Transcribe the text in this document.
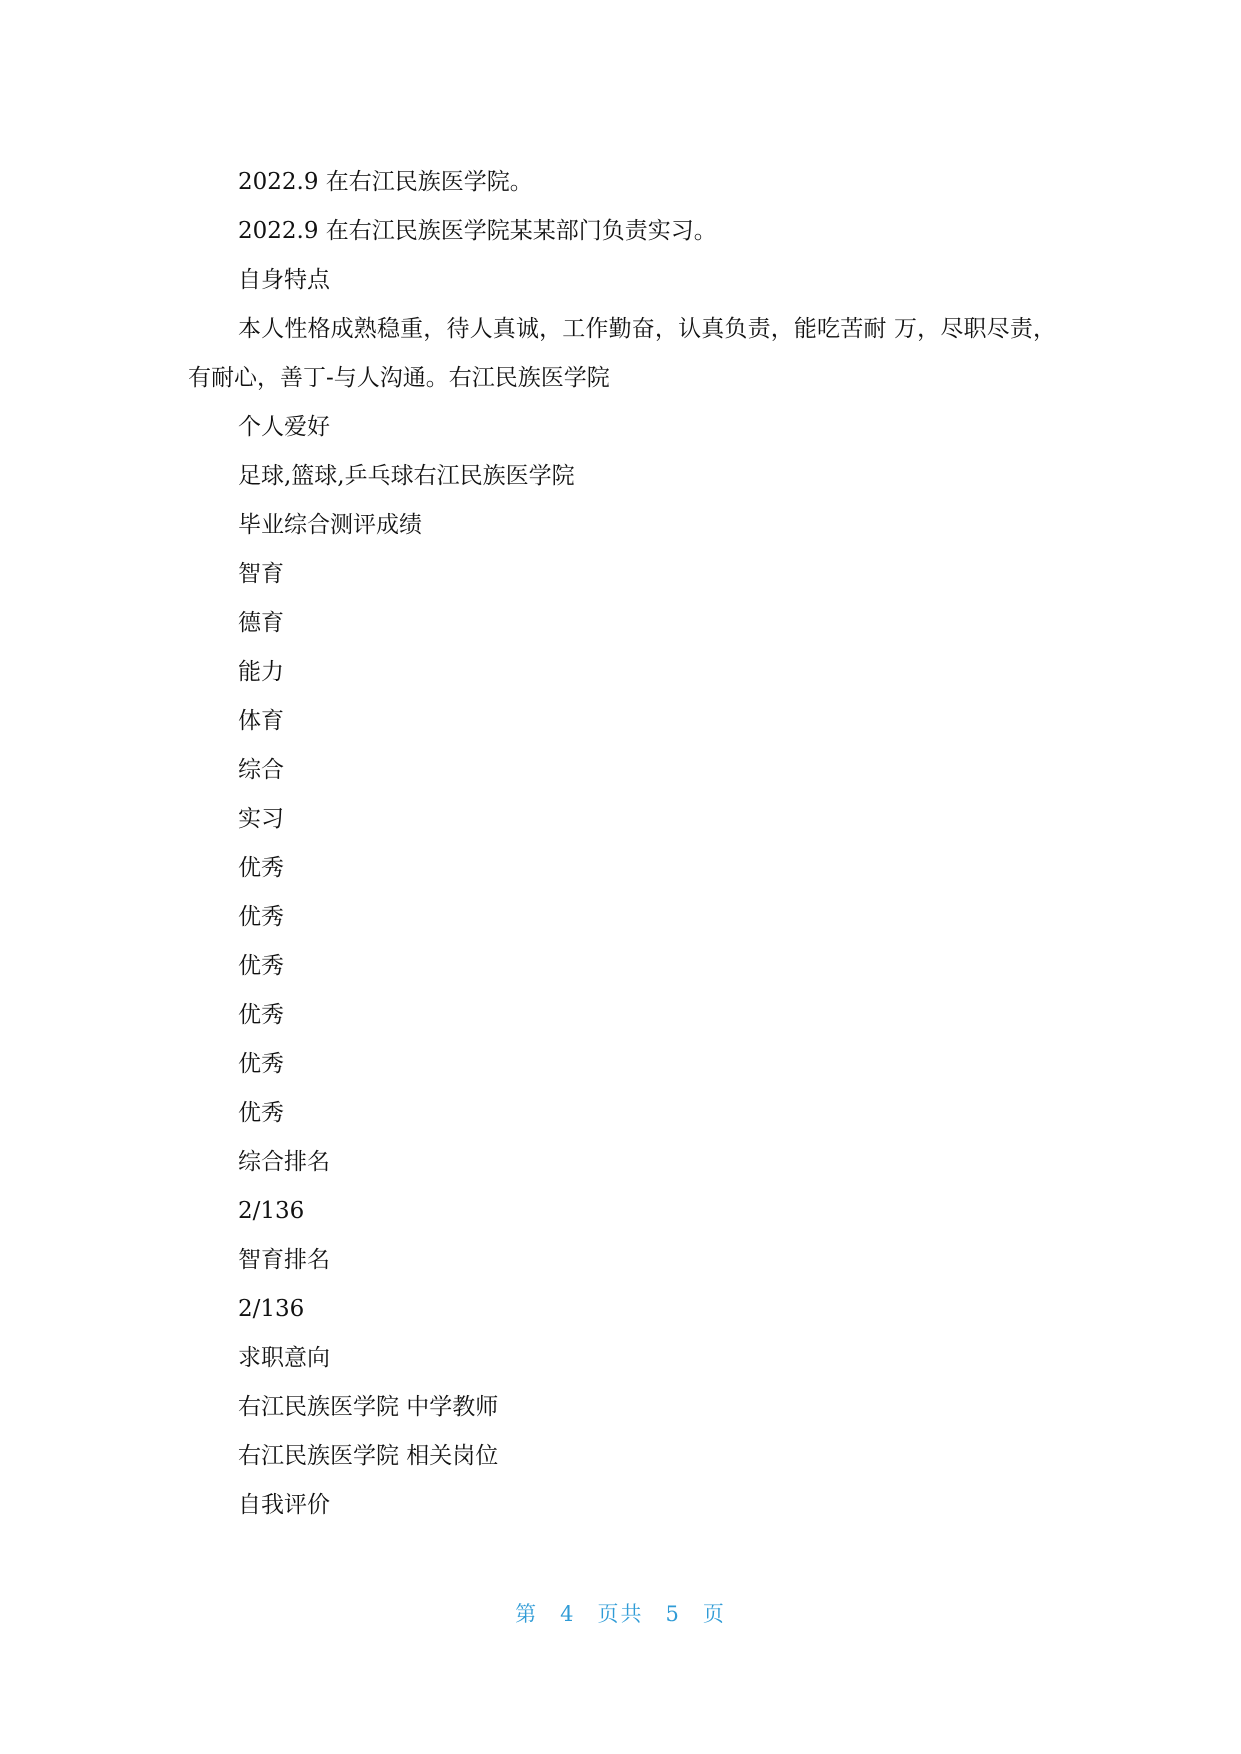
2022.9 在右江民族医学院。

2022.9 在右江民族医学院某某部门负责实习。

自身特点

本人性格成熟稳重，待人真诚，工作勤奋，认真负责，能吃苦耐 万，尽职尽责，有耐心，善丁-与人沟通。右江民族医学院

个人爱好

足球,篮球,乒乓球右江民族医学院

毕业综合测评成绩

智育

德育

能力

体育

综合

实习

优秀

优秀

优秀

优秀

优秀

优秀

综合排名

2/136

智育排名

2/136

求职意向

右江民族医学院 中学教师

右江民族医学院 相关岗位

自我评价

第 4 页共 5 页
